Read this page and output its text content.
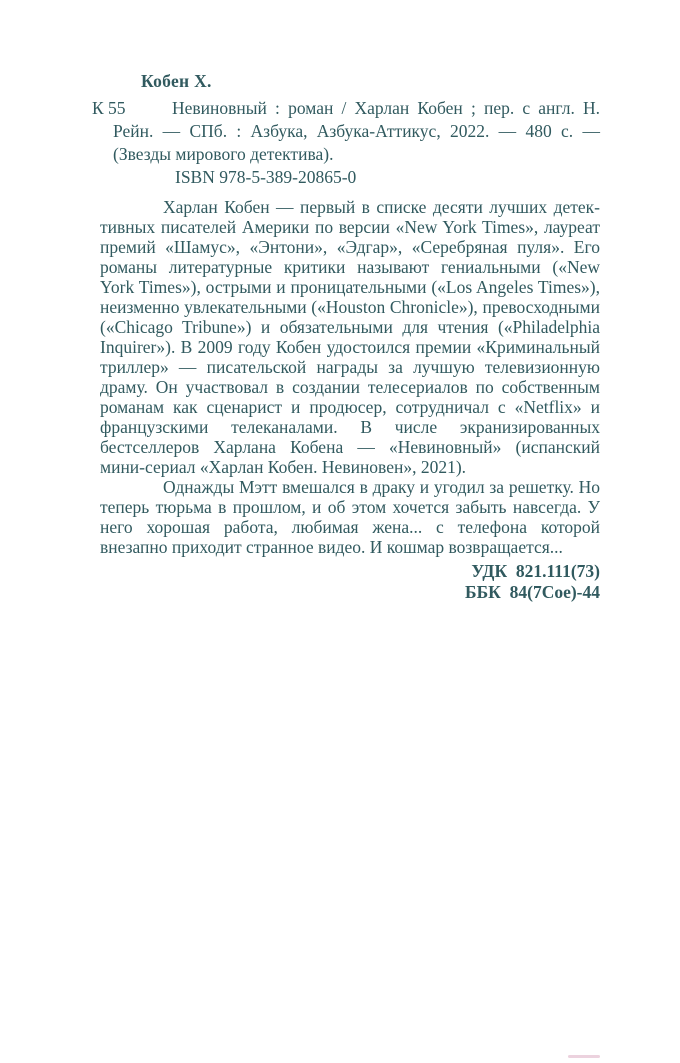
Кобен Х.

К 55	Невиновный : роман / Харлан Кобен ; пер. с англ. Н. Рейн. — СПб. : Азбука, Азбука-Аттикус, 2022. — 480 с. — (Звезды мирового детектива).

ISBN 978-5-389-20865-0

Харлан Кобен — первый в списке десяти лучших детективных писателей Америки по версии «New York Times», лауреат премий «Шамус», «Энтони», «Эдгар», «Серебряная пуля». Его романы литературные критики называют гениальными («New York Times»), острыми и проницательными («Los Angeles Times»), неизменно увлекательными («Houston Chronicle»), превосходными («Chicago Tribune») и обязательными для чтения («Philadelphia Inquirer»). В 2009 году Кобен удостоился премии «Криминальный триллер» — писательской награды за лучшую телевизионную драму. Он участвовал в создании телесериалов по собственным романам как сценарист и продюсер, сотрудничал с «Netflix» и французскими телеканалами. В числе экранизированных бестселлеров Харлана Кобена — «Невиновный» (испанский мини-сериал «Харлан Кобен. Невиновен», 2021).

Однажды Мэтт вмешался в драку и угодил за решетку. Но теперь тюрьма в прошлом, и об этом хочется забыть навсегда. У него хорошая работа, любимая жена... с телефона которой внезапно приходит странное видео. И кошмар возвращается...

УДК  821.111(73)

ББК  84(7Сое)-44
